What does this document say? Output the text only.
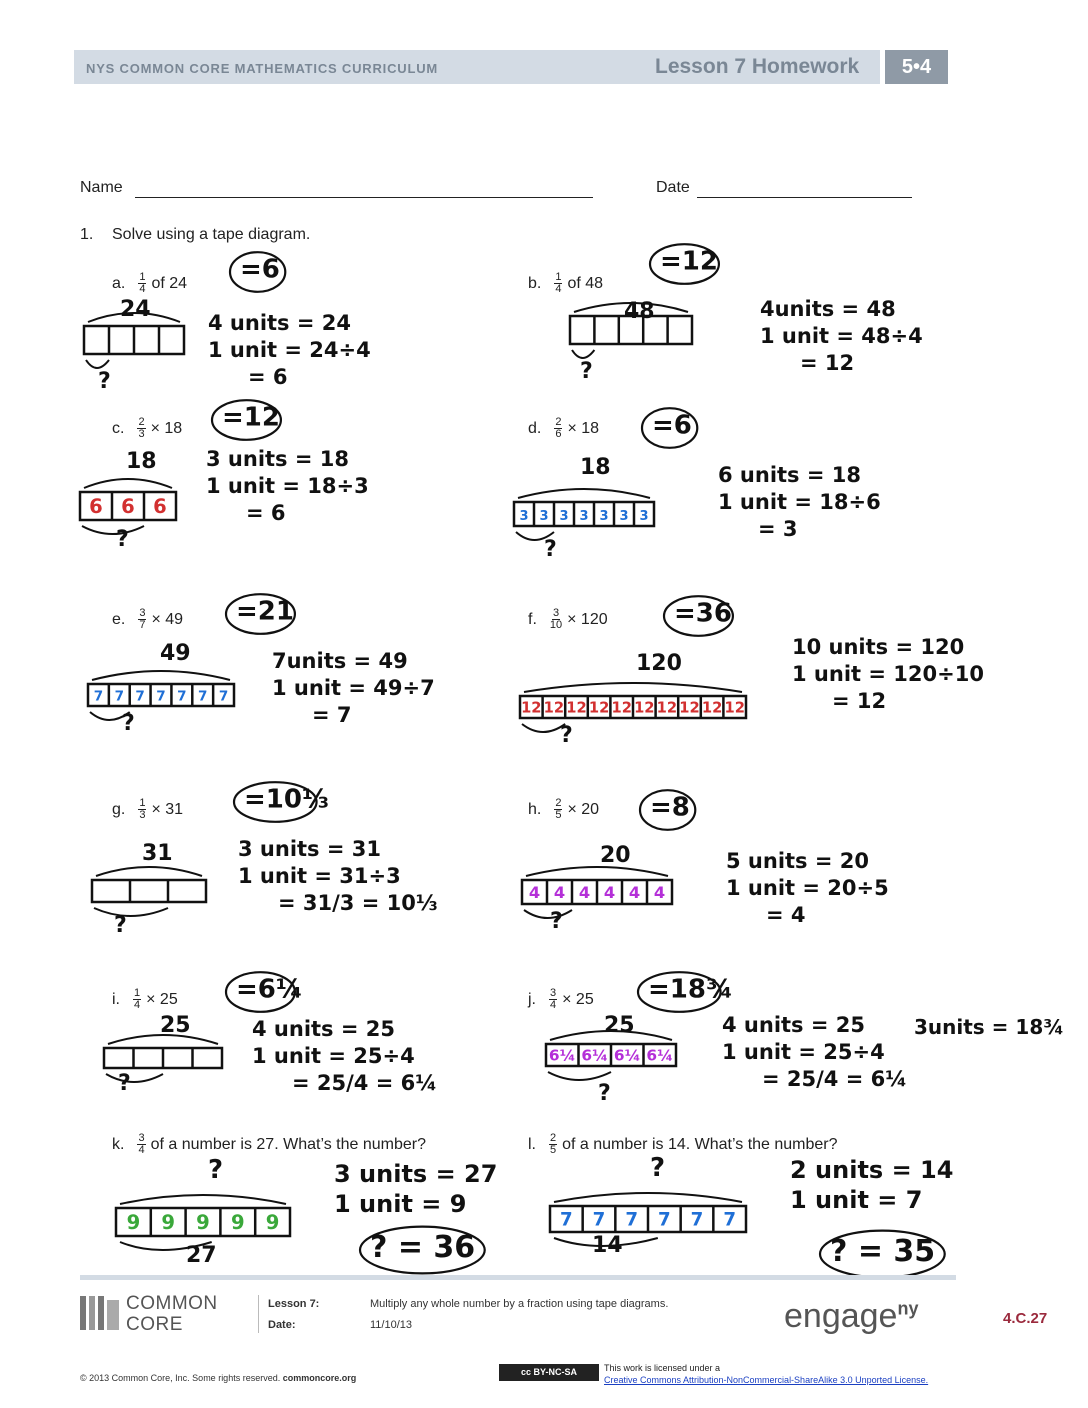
NYS COMMON CORE MATHEMATICS CURRICULUM	Lesson 7 Homework	5•4
Name	Date
1. Solve using a tape diagram.
a. $\frac{1}{4}$ of 24	b. $\frac{1}{4}$ of 48
c. $\frac{2}{3} \times 18$	d. $\frac{2}{6} \times 18$
e. $\frac{3}{7} \times 49$	f. $\frac{3}{10} \times 120$
g. $\frac{1}{3} \times 31$	h. $\frac{2}{5} \times 20$
i. $\frac{1}{4} \times 25$	j. $\frac{3}{4} \times 25$
k. $\frac{3}{4}$ of a number is 27. What’s the number?	l. $\frac{2}{5}$ of a number is 14. What’s the number?
24
?
=6
4 units = 24
1 unit = 24÷4
= 6
48
?
=12
4units = 48
1 unit = 48÷4
= 12
6 6 6
18
?
=12
3 units = 18
1 unit = 18÷3
= 6	3 3 3 3 3 3 3
18
?
=6
6 units = 18
1 unit = 18÷6
= 3
7 7 7 7 7 7 7
49
?
=21
7units = 49
1 unit = 49÷7
= 7	12 12 12 12 12 12 12 12 12 12
120
?
=36
10 units = 120
1 unit = 120÷10
= 12
31
?
=10⅓
3 units = 31
1 unit = 31÷3
= 31/3 = 10⅓	4 4 4 4 4 4
20
?
=8
5 units = 20
1 unit = 20÷5
= 4
25
?
=6¼
4 units = 25
1 unit = 25÷4
= 25/4 = 6¼
6¼ 6¼ 6¼ 6¼
25
?
=18¾
4 units = 25
1 unit = 25÷4
= 25/4 = 6¼
3units = 18¾
9 9 9 9 9
27
?
? = 36
3 units = 27
1 unit = 9
7 7 7 7 7 7
14
?
? = 35
2 units = 14
1 unit = 7
COMMON
CORE
Lesson 7:	Multiply any whole number by a fraction using tape diagrams.
Date:	11/10/13	engage$^{ny}$	4.C.27
© 2013 Common Core, Inc. Some rights reserved. commoncore.org
cc BY-NC-SA	This work is licensed under a
Creative Commons Attribution-NonCommercial-ShareAlike 3.0 Unported License.
